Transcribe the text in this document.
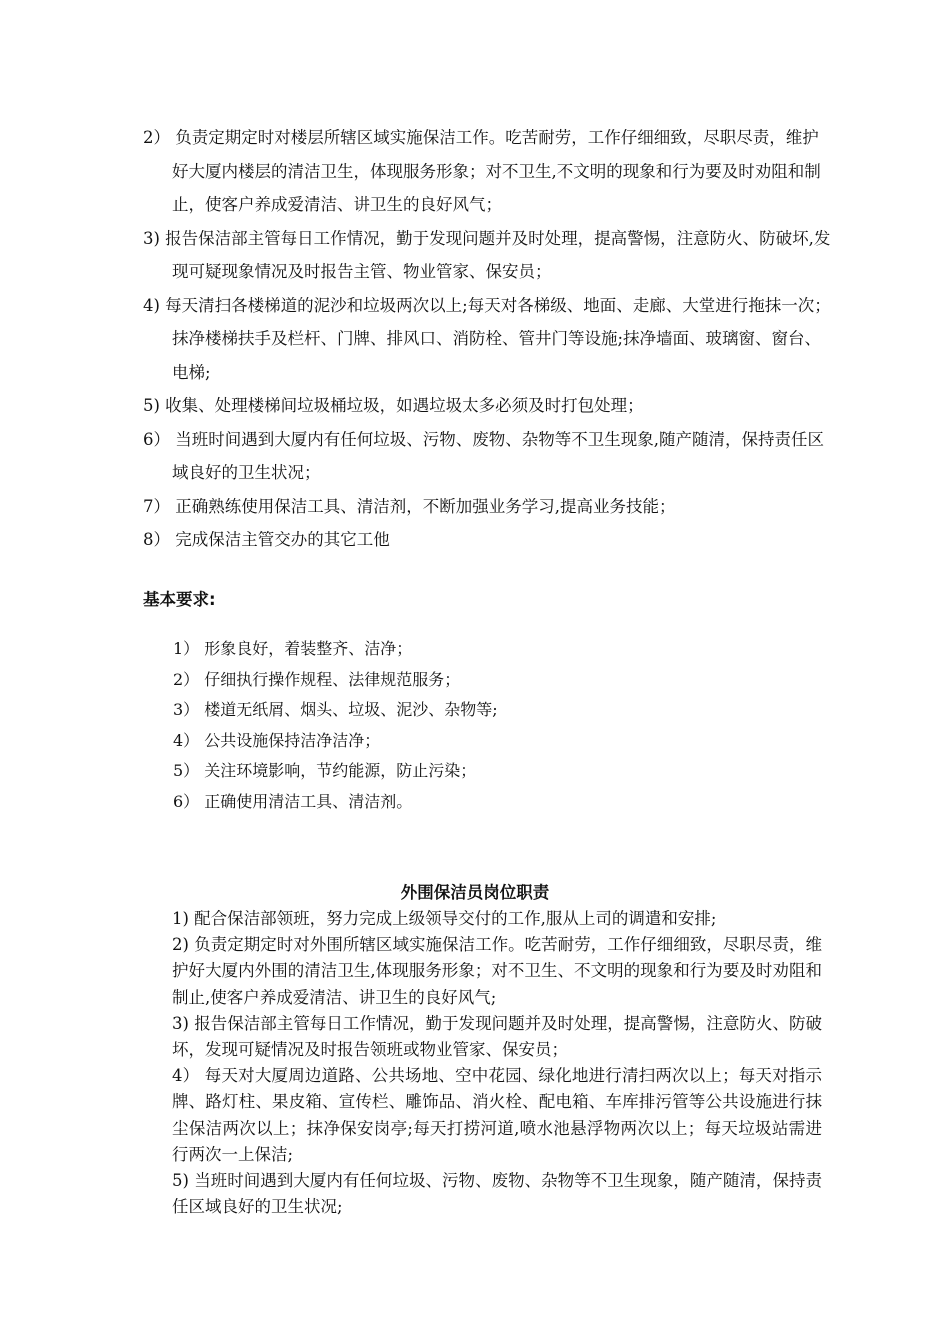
2） 负责定期定时对楼层所辖区域实施保洁工作。吃苦耐劳，工作仔细细致，尽职尽责，维护好大厦内楼层的清洁卫生，体现服务形象；对不卫生,不文明的现象和行为要及时劝阻和制止，使客户养成爱清洁、讲卫生的良好风气；
3) 报告保洁部主管每日工作情况，勤于发现问题并及时处理，提高警惕，注意防火、防破坏,发现可疑现象情况及时报告主管、物业管家、保安员；
4) 每天清扫各楼梯道的泥沙和垃圾两次以上;每天对各梯级、地面、走廊、大堂进行拖抹一次；抹净楼梯扶手及栏杆、门牌、排风口、消防栓、管井门等设施;抹净墙面、玻璃窗、窗台、电梯;
5) 收集、处理楼梯间垃圾桶垃圾，如遇垃圾太多必须及时打包处理；
6） 当班时间遇到大厦内有任何垃圾、污物、废物、杂物等不卫生现象,随产随清，保持责任区域良好的卫生状况；
7） 正确熟练使用保洁工具、清洁剂，不断加强业务学习,提高业务技能；
8） 完成保洁主管交办的其它工他
基本要求:
1） 形象良好，着装整齐、洁净；
2） 仔细执行操作规程、法律规范服务；
3） 楼道无纸屑、烟头、垃圾、泥沙、杂物等;
4） 公共设施保持洁净洁净；
5） 关注环境影响，节约能源，防止污染；
6） 正确使用清洁工具、清洁剂。
外围保洁员岗位职责

1) 配合保洁部领班，努力完成上级领导交付的工作,服从上司的调遣和安排;

2) 负责定期定时对外围所辖区域实施保洁工作。吃苦耐劳，工作仔细细致，尽职尽责，维护好大厦内外围的清洁卫生,体现服务形象；对不卫生、不文明的现象和行为要及时劝阻和制止,使客户养成爱清洁、讲卫生的良好风气;

3) 报告保洁部主管每日工作情况，勤于发现问题并及时处理，提高警惕，注意防火、防破坏，发现可疑情况及时报告领班或物业管家、保安员；

4） 每天对大厦周边道路、公共场地、空中花园、绿化地进行清扫两次以上；每天对指示牌、路灯柱、果皮箱、宣传栏、雕饰品、消火栓、配电箱、车库排污管等公共设施进行抹尘保洁两次以上；抹净保安岗亭;每天打捞河道,喷水池悬浮物两次以上；每天垃圾站需进行两次一上保洁;

5) 当班时间遇到大厦内有任何垃圾、污物、废物、杂物等不卫生现象，随产随清，保持责任区域良好的卫生状况;
